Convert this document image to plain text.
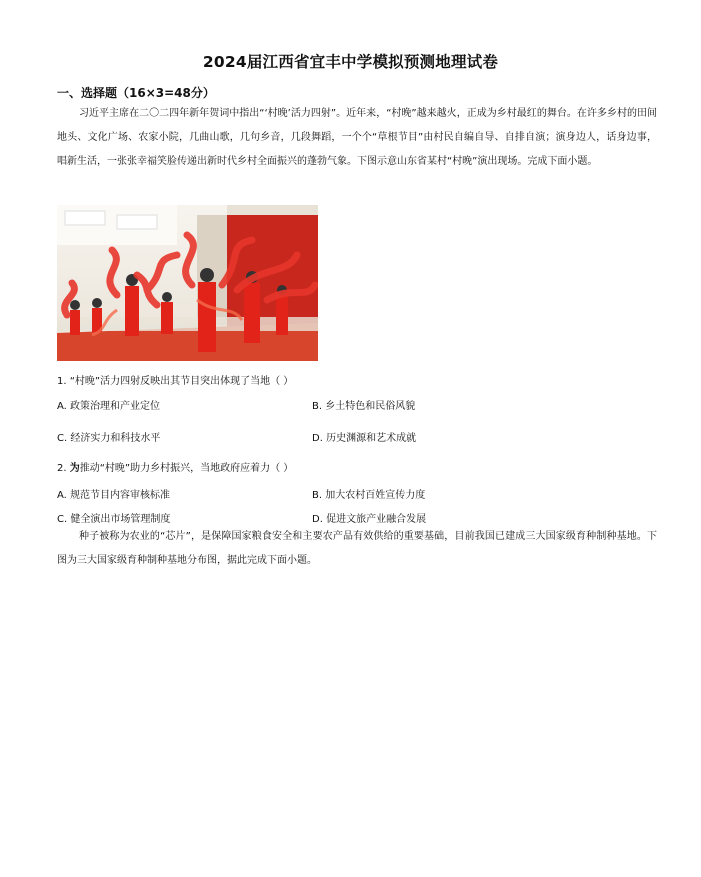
2024届江西省宜丰中学模拟预测地理试卷
一、选择题（16×3=48分）
习近平主席在二〇二四年新年贺词中指出“‘村晚’活力四射”。近年来，“村晚”越来越火，正成为乡村最红的舞台。在许多乡村的田间地头、文化广场、农家小院，几曲山歌，几句乡音，几段舞蹈，一个个“草根节目”由村民自编自导、自排自演；演身边人，话身边事，唱新生活，一张张幸福笑脸传递出新时代乡村全面振兴的蓬勃气象。下图示意山东省某村“村晚”演出现场。完成下面小题。
1. “村晚”活力四射反映出其节目突出体现了当地（ ）
A. 政策治理和产业定位	B. 乡土特色和民俗风貌
C. 经济实力和科技水平	D. 历史渊源和艺术成就
2. 为推动“村晚”助力乡村振兴，当地政府应着力（ ）
A. 规范节目内容审核标准	B. 加大农村百姓宣传力度
C. 健全演出市场管理制度	D. 促进文旅产业融合发展
种子被称为农业的“芯片”，是保障国家粮食安全和主要农产品有效供给的重要基础，目前我国已建成三大国家级育种制种基地。下图为三大国家级育种制种基地分布图，据此完成下面小题。
